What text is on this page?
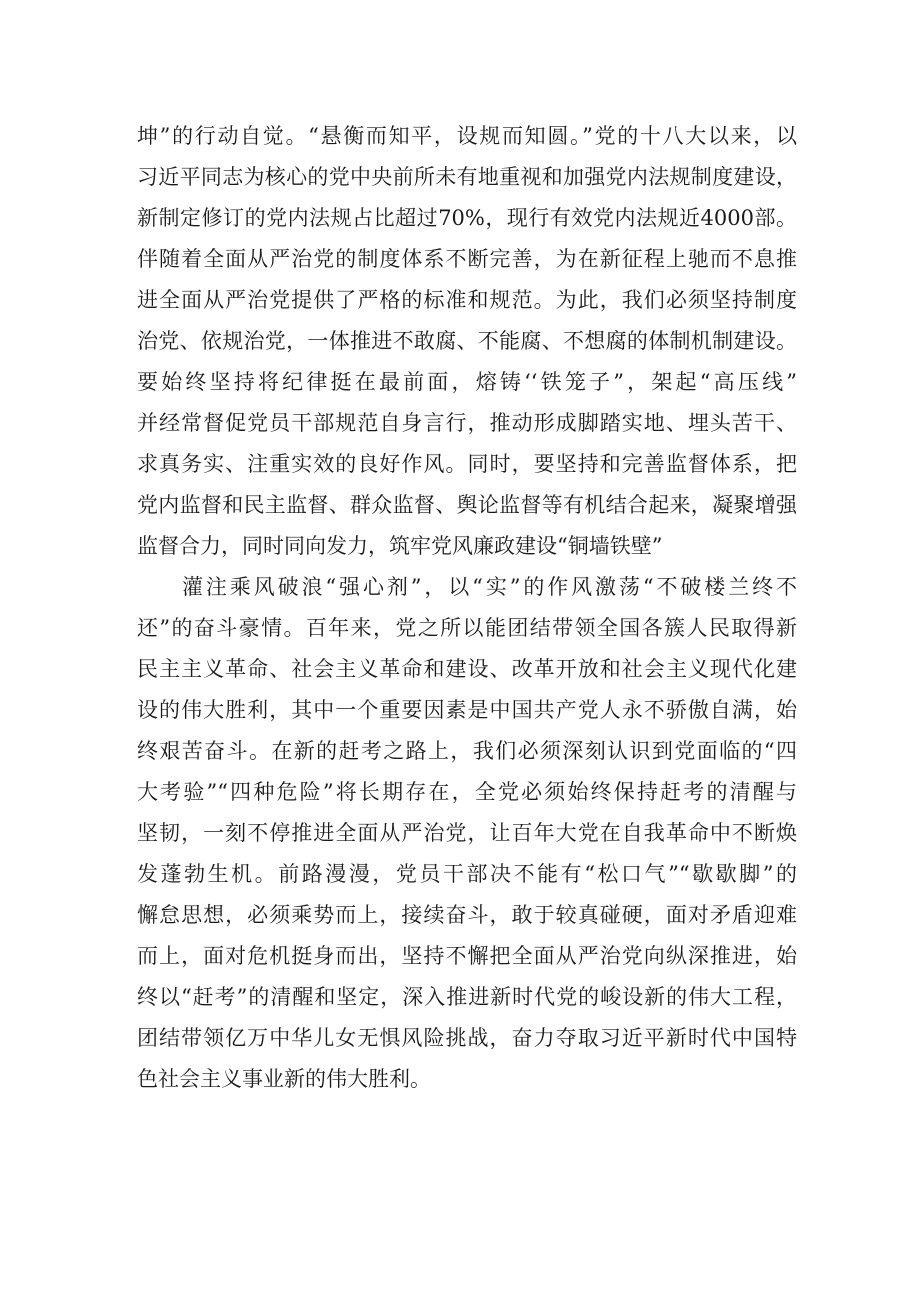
坤”的行动自觉。“悬衡而知平，设规而知圆。”党的十八大以来，以
习近平同志为核心的党中央前所未有地重视和加强党内法规制度建设，
新制定修订的党内法规占比超过70%，现行有效党内法规近4000部。
伴随着全面从严治党的制度体系不断完善，为在新征程上驰而不息推
进全面从严治党提供了严格的标准和规范。为此，我们必须坚持制度
治党、依规治党，一体推进不敢腐、不能腐、不想腐的体制机制建设。
要始终坚持将纪律挺在最前面，熔铸‘‘铁笼子”，架起“高压线”
并经常督促党员干部规范自身言行，推动形成脚踏实地、埋头苦干、
求真务实、注重实效的良好作风。同时，要坚持和完善监督体系，把
党内监督和民主监督、群众监督、舆论监督等有机结合起来，凝聚增强
监督合力，同时同向发力，筑牢党风廉政建设“铜墙铁壁”
灌注乘风破浪“强心剂”，以“实”的作风激荡“不破楼兰终不
还”的奋斗豪情。百年来，党之所以能团结带领全国各簇人民取得新
民主主义革命、社会主义革命和建设、改革开放和社会主义现代化建
设的伟大胜利，其中一个重要因素是中国共产党人永不骄傲自满，始
终艰苦奋斗。在新的赶考之路上，我们必须深刻认识到党面临的“四
大考验”“四种危险”将长期存在，全党必须始终保持赶考的清醒与
坚韧，一刻不停推进全面从严治党，让百年大党在自我革命中不断焕
发蓬勃生机。前路漫漫，党员干部决不能有“松口气”“歇歇脚”的
懈怠思想，必须乘势而上，接续奋斗，敢于较真碰硬，面对矛盾迎难
而上，面对危机挺身而出，坚持不懈把全面从严治党向纵深推进，始
终以“赶考”的清醒和坚定，深入推进新时代党的峻设新的伟大工程，
团结带领亿万中华儿女无惧风险挑战，奋力夺取习近平新时代中国特
色社会主义事业新的伟大胜利。
